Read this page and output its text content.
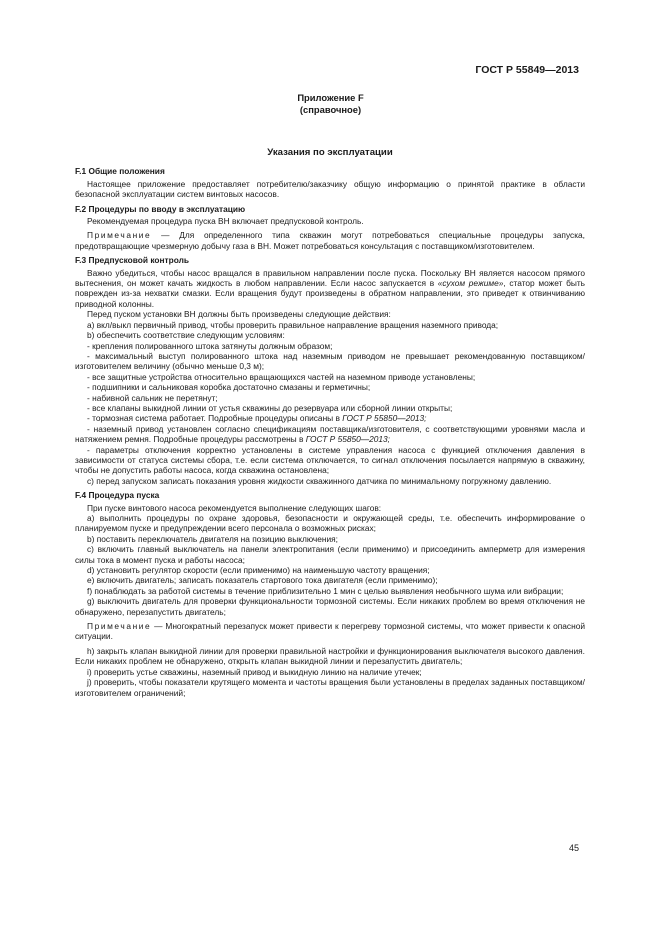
ГОСТ Р 55849—2013
Приложение F
(справочное)
Указания по эксплуатации
F.1 Общие положения

Настоящее приложение предоставляет потребителю/заказчику общую информацию о принятой практике в области безопасной эксплуатации систем винтовых насосов.

F.2 Процедуры по вводу в эксплуатацию

Рекомендуемая процедура пуска ВН включает предпусковой контроль.

Примечание — Для определенного типа скважин могут потребоваться специальные процедуры запуска, предотвращающие чрезмерную добычу газа в ВН. Может потребоваться консультация с поставщиком/изготовителем.

F.3 Предпусковой контроль

Важно убедиться, чтобы насос вращался в правильном направлении после пуска. Поскольку ВН является насосом прямого вытеснения, он может качать жидкость в любом направлении. Если насос запускается в «сухом режиме», статор может быть поврежден из-за нехватки смазки. Если вращения будут произведены в обратном направлении, это приведет к отвинчиванию приводной колонны.

Перед пуском установки ВН должны быть произведены следующие действия:

а) вкл/выкл первичный привод, чтобы проверить правильное направление вращения наземного привода;

b) обеспечить соответствие следующим условиям:

- крепления полированного штока затянуты должным образом;

- максимальный выступ полированного штока над наземным приводом не превышает рекомендованную поставщиком/изготовителем величину (обычно меньше 0,3 м);

- все защитные устройства относительно вращающихся частей на наземном приводе установлены;

- подшипники и сальниковая коробка достаточно смазаны и герметичны;

- набивной сальник не перетянут;

- все клапаны выкидной линии от устья скважины до резервуара или сборной линии открыты;

- тормозная система работает. Подробные процедуры описаны в ГОСТ Р 55850—2013;

- наземный привод установлен согласно спецификациям поставщика/изготовителя, с соответствующими уровнями масла и натяжением ремня. Подробные процедуры рассмотрены в ГОСТ Р 55850—2013;

- параметры отключения корректно установлены в системе управления насоса с функцией отключения давления в зависимости от статуса системы сбора, т.е. если система отключается, то сигнал отключения посылается напрямую в скважину, чтобы не допустить работы насоса, когда скважина остановлена;

с) перед запуском записать показания уровня жидкости скважинного датчика по минимальному погружному давлению.

F.4 Процедура пуска

При пуске винтового насоса рекомендуется выполнение следующих шагов:

а) выполнить процедуры по охране здоровья, безопасности и окружающей среды, т.е. обеспечить информирование о планируемом пуске и предупреждении всего персонала о возможных рисках;

b) поставить переключатель двигателя на позицию выключения;

c) включить главный выключатель на панели электропитания (если применимо) и присоединить амперметр для измерения силы тока в момент пуска и работы насоса;

d) установить регулятор скорости (если применимо) на наименьшую частоту вращения;

e) включить двигатель; записать показатель стартового тока двигателя (если применимо);

f) понаблюдать за работой системы в течение приблизительно 1 мин с целью выявления необычного шума или вибрации;

g) выключить двигатель для проверки функциональности тормозной системы. Если никаких проблем во время отключения не обнаружено, перезапустить двигатель;

Примечание — Многократный перезапуск может привести к перегреву тормозной системы, что может привести к опасной ситуации.

h) закрыть клапан выкидной линии для проверки правильной настройки и функционирования выключателя высокого давления. Если никаких проблем не обнаружено, открыть клапан выкидной линии и перезапустить двигатель;

i) проверить устье скважины, наземный привод и выкидную линию на наличие утечек;

j) проверить, чтобы показатели крутящего момента и частоты вращения были установлены в пределах заданных поставщиком/изготовителем ограничений;

45
